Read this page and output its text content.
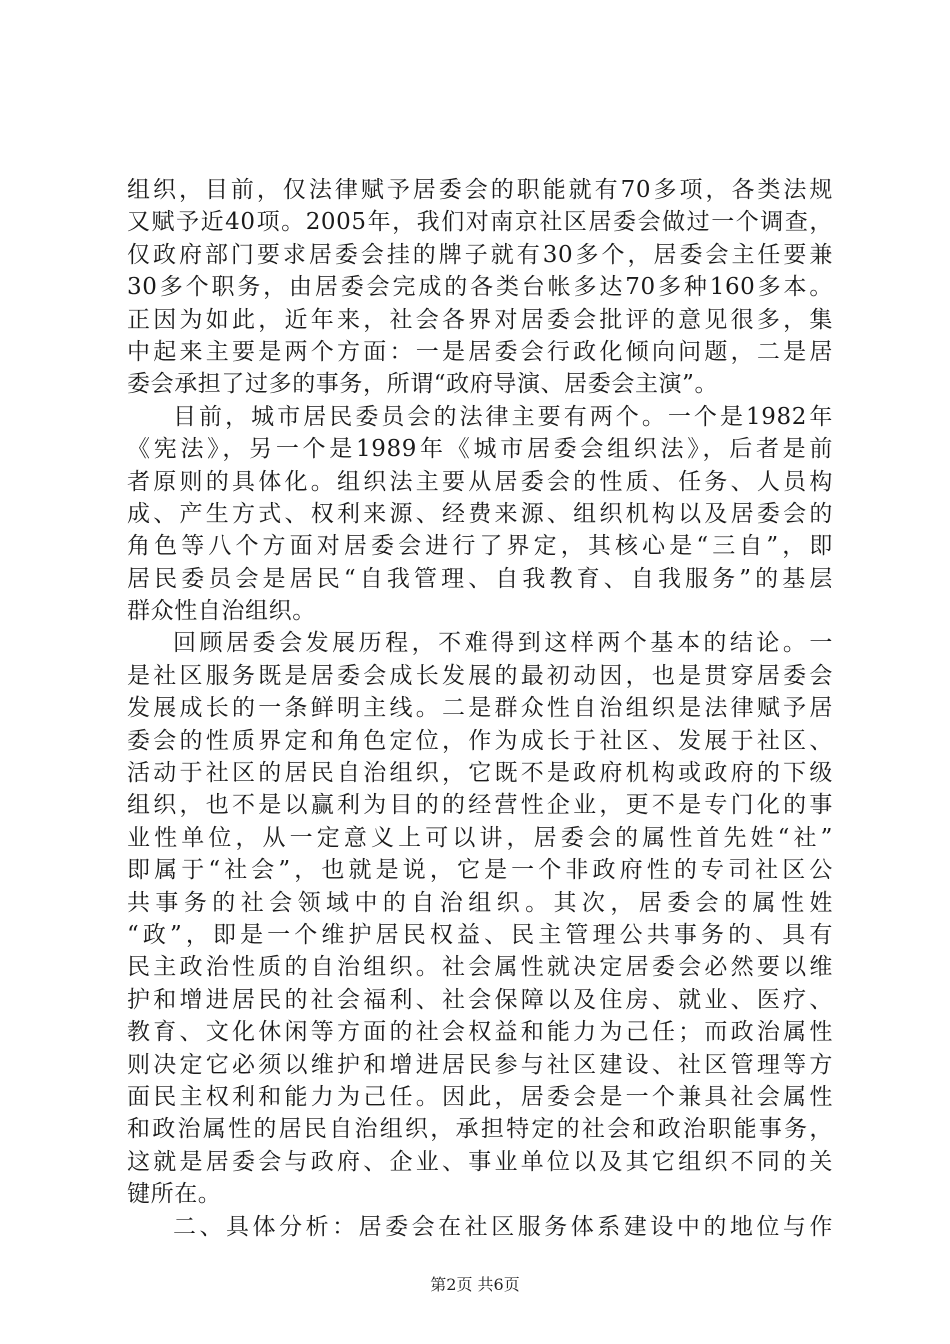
组织，目前，仅法律赋予居委会的职能就有70多项，各类法规
又赋予近40项。2005年，我们对南京社区居委会做过一个调查，
仅政府部门要求居委会挂的牌子就有30多个，居委会主任要兼
30多个职务，由居委会完成的各类台帐多达70多种160多本。
正因为如此，近年来，社会各界对居委会批评的意见很多，集
中起来主要是两个方面：一是居委会行政化倾向问题，二是居
委会承担了过多的事务，所谓“政府导演、居委会主演”。
目前，城市居民委员会的法律主要有两个。一个是1982年
《宪法》，另一个是1989年《城市居委会组织法》，后者是前
者原则的具体化。组织法主要从居委会的性质、任务、人员构
成、产生方式、权利来源、经费来源、组织机构以及居委会的
角色等八个方面对居委会进行了界定，其核心是“三自”，即
居民委员会是居民“自我管理、自我教育、自我服务”的基层
群众性自治组织。
回顾居委会发展历程，不难得到这样两个基本的结论。一
是社区服务既是居委会成长发展的最初动因，也是贯穿居委会
发展成长的一条鲜明主线。二是群众性自治组织是法律赋予居
委会的性质界定和角色定位，作为成长于社区、发展于社区、
活动于社区的居民自治组织，它既不是政府机构或政府的下级
组织，也不是以赢利为目的的经营性企业，更不是专门化的事
业性单位，从一定意义上可以讲，居委会的属性首先姓“社”
即属于“社会”，也就是说，它是一个非政府性的专司社区公
共事务的社会领域中的自治组织。其次，居委会的属性姓
“政”，即是一个维护居民权益、民主管理公共事务的、具有
民主政治性质的自治组织。社会属性就决定居委会必然要以维
护和增进居民的社会福利、社会保障以及住房、就业、医疗、
教育、文化休闲等方面的社会权益和能力为己任；而政治属性
则决定它必须以维护和增进居民参与社区建设、社区管理等方
面民主权利和能力为己任。因此，居委会是一个兼具社会属性
和政治属性的居民自治组织，承担特定的社会和政治职能事务，
这就是居委会与政府、企业、事业单位以及其它组织不同的关
键所在。
二、具体分析：居委会在社区服务体系建设中的地位与作
第2页 共6页
